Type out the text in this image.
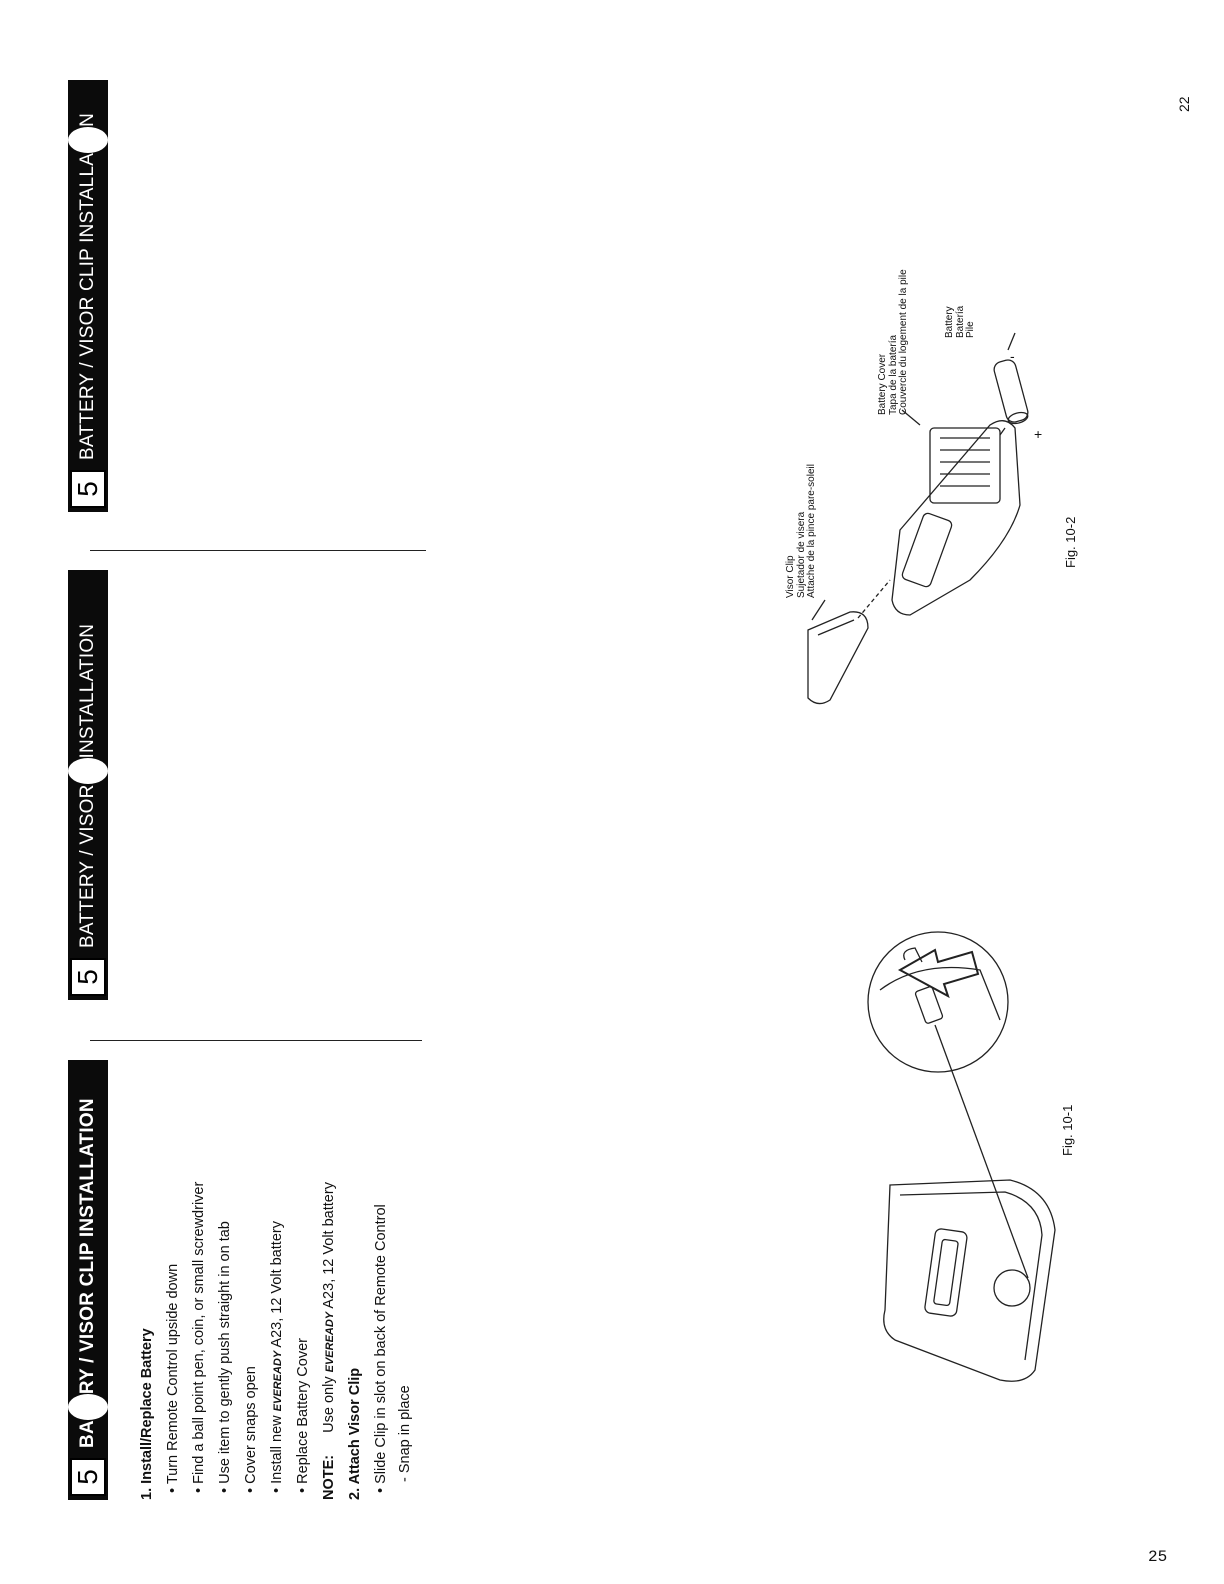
22
25
5
BA
RY / VISOR CLIP INSTALLATION
5
BATTERY / VISOR
INSTALLATION
5
BATTERY / VISOR CLIP INSTALLA
N
1. Install/Replace Battery • Turn Remote Control upside down • Find a ball point pen, coin, or small screwdriver • Use item to gently push straight in on tab • Cover snaps open • Install new EVEREADY A23, 12 Volt battery
• Replace Battery Cover NOTE:  Use only EVEREADY A23, 12 Volt battery
2. Attach Visor Clip • Slide Clip in slot on back of Remote Control - Snap in place
Fig. 10-1
Fig. 10-2
Visor Clip Sujetador de visera Attache de la pince pare-soleil
Battery Cover Tapa de la batería Couvercle du logement de la pile	Battery Batería Pile
+
-
